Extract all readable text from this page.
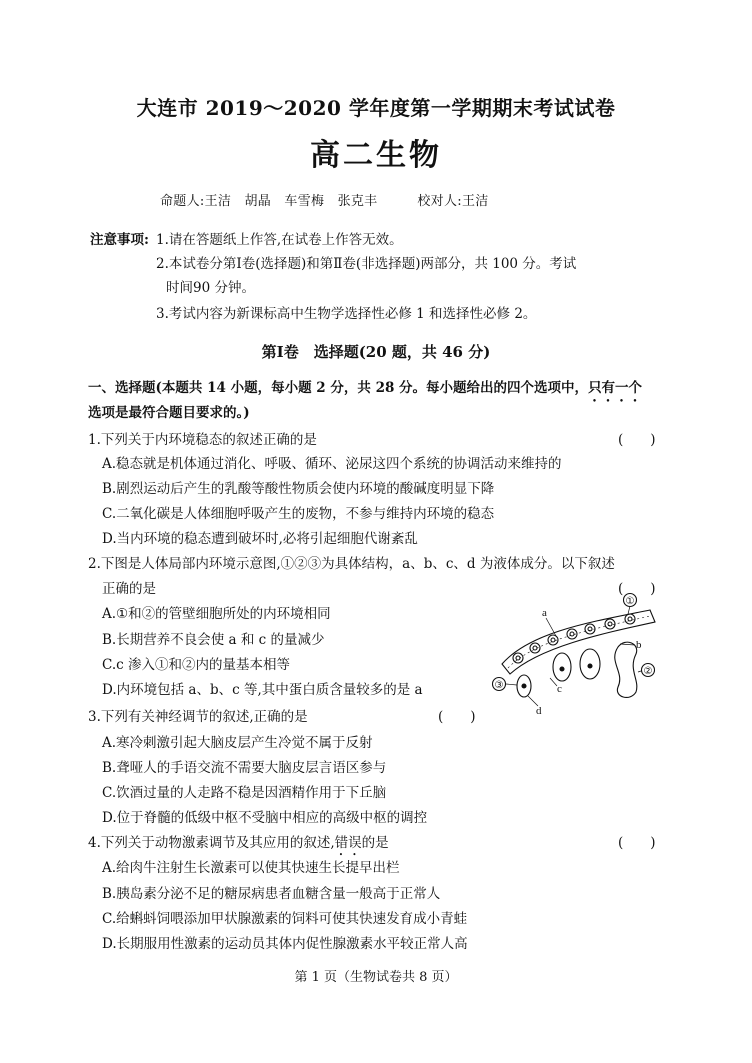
大连市 2019～2020 学年度第一学期期末考试试卷
高二生物
命题人:王洁　胡晶　车雪梅　张克丰　　　校对人:王洁
注意事项: 1.请在答题纸上作答,在试卷上作答无效。
2.本试卷分第Ⅰ卷(选择题)和第Ⅱ卷(非选择题)两部分，共 100 分。考试
时间90 分钟。
3.考试内容为新课标高中生物学选择性必修 1 和选择性必修 2。
第Ⅰ卷　选择题(20 题，共 46 分)
一、选择题(本题共 14 小题，每小题 2 分，共 28 分。每小题给出的四个选项中，只有一个
选项是最符合题目要求的。)
1.下列关于内环境稳态的叙述正确的是	(　　)
A.稳态就是机体通过消化、呼吸、循环、泌尿这四个系统的协调活动来维持的
B.剧烈运动后产生的乳酸等酸性物质会使内环境的酸碱度明显下降
C.二氧化碳是人体细胞呼吸产生的废物，不参与维持内环境的稳态
D.当内环境的稳态遭到破坏时,必将引起细胞代谢紊乱
2.下图是人体局部内环境示意图,①②③为具体结构，a、b、c、d 为液体成分。以下叙述
正确的是	(　　)
A.①和②的管壁细胞所处的内环境相同
B.长期营养不良会使 a 和 c 的量减少
C.c 渗入①和②内的量基本相等
D.内环境包括 a、b、c 等,其中蛋白质含量较多的是 a
a
①
b
②
③	c
d
3.下列有关神经调节的叙述,正确的是	(　　)
A.寒冷刺激引起大脑皮层产生冷觉不属于反射
B.聋哑人的手语交流不需要大脑皮层言语区参与
C.饮酒过量的人走路不稳是因酒精作用于下丘脑
D.位于脊髓的低级中枢不受脑中相应的高级中枢的调控
4.下列关于动物激素调节及其应用的叙述,错误的是	(　　)
A.给肉牛注射生长激素可以使其快速生长提早出栏
B.胰岛素分泌不足的糖尿病患者血糖含量一般高于正常人
C.给蝌蚪饲喂添加甲状腺激素的饲料可使其快速发育成小青蛙
D.长期服用性激素的运动员其体内促性腺激素水平较正常人高
第 1 页（生物试卷共 8 页）
